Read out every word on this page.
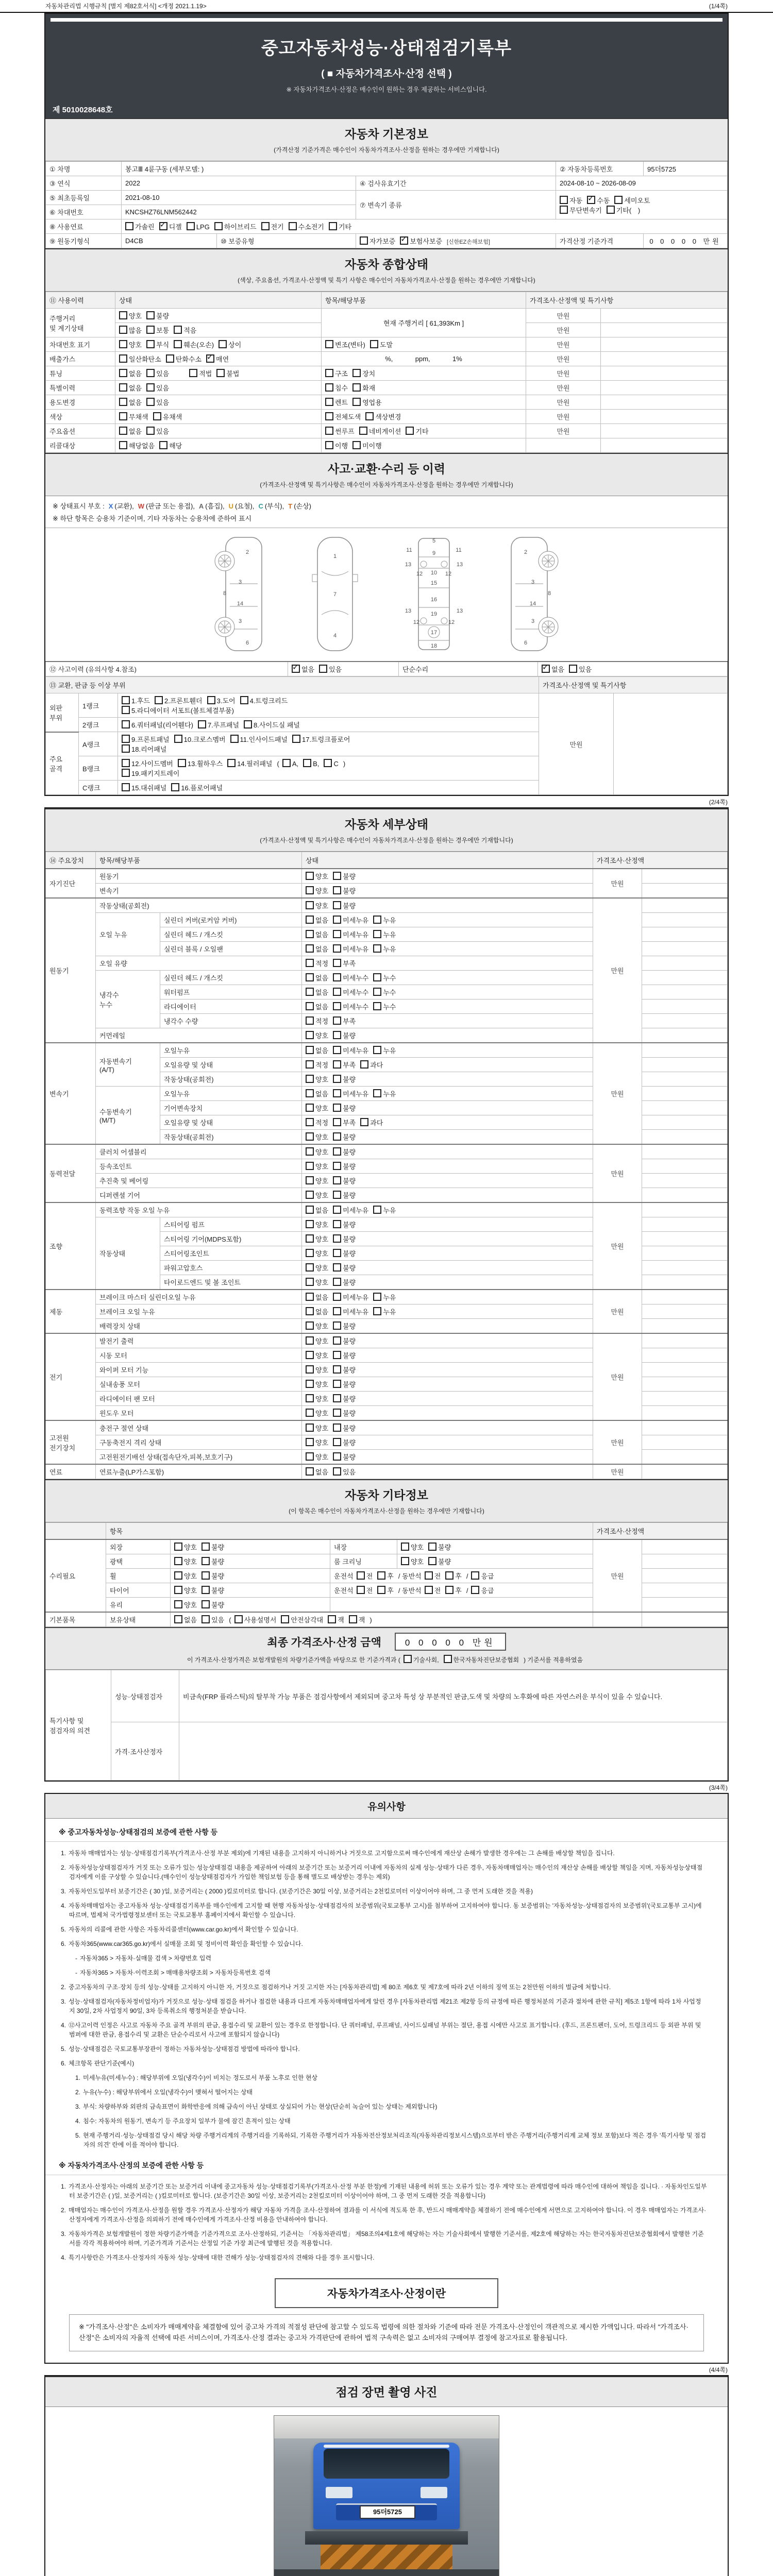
자동차관리법 시행규칙 [별지 제82호서식] <개정 2021.1.19>	(1/4쪽)
중고자동차성능·상태점검기록부
( ■ 자동차가격조사·산정 선택 )
※ 자동차가격조사·산정은 매수인이 원하는 경우 제공하는 서비스입니다.
제 5010028648호
자동차 기본정보

(가격산정 기준가격은 매수인이 자동차가격조사·산정을 원하는 경우에만 기재합니다)

① 차명	봉고Ⅲ 4륜구동 (세부모델: )			② 자동차등록번호	95더5725
③ 연식	2022		④ 검사유효기간	2024-08-10 ~ 2026-08-09	
⑤ 최초등록일	2021-08-10		⑦ 변속기 종류	자동 ✓ 수동 세미오토
무단변속기 기타( )
⑥ 차대번호	KNCSHZ76LNM562442				
⑧ 사용연료	가솔린 ✓ 디젤 LPG 하이브리드 전기 수소전기 기타
⑨ 원동기형식	D4CB	⑩ 보증유형	자가보증 ✓ 보험사보증 [신한EZ손해보험]	가격산정 기준가격	0 0 0 0 0 만원
자동차 종합상태

(색상, 주요옵션, 가격조사·산정액 및 특기 사항은 매수인이 자동차가격조사·산정을 원하는 경우에만 기재합니다)

⑪ 사용이력	상태	항목/해당부품	가격조사·산정액 및 특기사항	
주행거리
및 계기상태	양호 불량	현재 주행거리 [ 61,393Km ]	만원	
	많음 보통 적음		만원	
차대번호 표기	양호 부식 훼손(오손) 상이	변조(변타) 도말	만원	
배출가스	일산화탄소 탄화수소 ✓ 매연	%,            ppm,            1%	만원	
튜닝	없음 있음 적법 불법	구조 장치	만원	
특별이력	없음 있음	침수 화재	만원	
용도변경	없음 있음	렌트 영업용	만원	
색상	무채색 유채색	전체도색 색상변경	만원	
주요옵션	없음 있음	썬루프 네비게이션 기타	만원	
리콜대상	해당없음 해당	이행 미이행		
사고·교환·수리 등 이력

(가격조사·산정액 및 특기사항은 매수인이 자동차가격조사·산정을 원하는 경우에만 기재합니다)

※ 상태표시 부호 : X (교환), W (판금 또는 용접), A (흠집), U (요철), C (부식), T (손상)
※ 하단 항목은 승용차 기준이며, 기타 자동차는 승용차에 준하여 표시
2
8
3
14
3
6
1
7
4
5
11	11
13	13
12	12
9
10
15
16
19
13	13
12	12
17
18
2
8
3
14
3
6
⑫ 사고이력 (유의사항 4.참조)	✓없음 있음	단순수리	✓없음 있음
⑬ 교환, 판금 등 이상 부위			가격조사·산정액 및 특기사항	
외판
부위	1랭크	1.후드 2.프론트휀더 3.도어 4.트렁크리드
5.라디에이터 서포트(볼트체결부품)	만원	
	2랭크	6.쿼터패널(리어휀다) 7.루프패널 8.사이드실 패널		
주요
골격	A랭크	9.프론트패널 10.크로스멤버 11.인사이드패널 17.트렁크플로어
18.리어패널		
	B랭크	12.사이드멤버 13.휠하우스 14.필러패널 ( A, B, C )
19.패키지트레이		
	C랭크	15.대쉬패널 16.플로어패널		
(2/4쪽)
자동차 세부상태

(가격조사·산정액 및 특기사항은 매수인이 자동차가격조사·산정을 원하는 경우에만 기재합니다)

⑭ 주요장치	항목/해당부품		상태	가격조사·산정액	
자기진단	원동기		양호 불량	만원	
	변속기		양호 불량		
원동기	작동상태(공회전)		양호 불량	만원	
	오일 누유	실린더 커버(로커암 커버)	없음 미세누유 누유		
		실린더 헤드 / 개스킷	없음 미세누유 누유		
		실린더 블록 / 오일팬	없음 미세누유 누유		
	오일 유량		적정 부족		
	냉각수
누수	실린더 헤드 / 개스킷	없음 미세누수 누수		
		워터펌프	없음 미세누수 누수		
		라디에이터	없음 미세누수 누수		
		냉각수 수량	적정 부족		
	커먼레일		양호 불량		
변속기	자동변속기
(A/T)	오일누유	없음 미세누유 누유	만원	
		오일유량 및 상태	적정 부족 과다		
		작동상태(공회전)	양호 불량		
	수동변속기
(M/T)	오일누유	없음 미세누유 누유		
		기어변속장치	양호 불량		
		오일유량 및 상태	적정 부족 과다		
		작동상태(공회전)	양호 불량		
동력전달	클러치 어셈블리		양호 불량	만원	
	등속조인트		양호 불량		
	추진축 및 베어링		양호 불량		
	디퍼렌셜 기어		양호 불량		
조향	동력조향 작동 오일 누유		없음 미세누유 누유	만원	
	작동상태	스티어링 펌프	양호 불량		
		스티어링 기어(MDPS포함)	양호 불량		
		스티어링조인트	양호 불량		
		파워고압호스	양호 불량		
		타이로드엔드 및 볼 조인트	양호 불량		
제동	브레이크 마스터 실린더오일 누유		없음 미세누유 누유	만원	
	브레이크 오일 누유		없음 미세누유 누유		
	배력장치 상태		양호 불량		
전기	발전기 출력		양호 불량	만원	
	시동 모터		양호 불량		
	와이퍼 모터 기능		양호 불량		
	실내송풍 모터		양호 불량		
	라디에이터 팬 모터		양호 불량		
	윈도우 모터		양호 불량		
고전원
전기장치	충전구 절연 상태		양호 불량	만원	
	구동축전지 격리 상태		양호 불량		
	고전원전기배선 상태(접속단자,피복,보호기구)		양호 불량		
연료	연료누출(LP가스포함)		없음 있음	만원	
자동차 기타정보

(이 항목은 매수인이 자동차가격조사·산정을 원하는 경우에만 기재합니다)

	항목				가격조사·산정액	
수리필요	외장	양호 불량	내장	양호 불량	만원	
	광택	양호 불량	룸 크리닝	양호 불량		
	휠	양호 불량	운전석 전 후 / 동반석 전 후 / 응급			
	타이어	양호 불량	운전석 전 후 / 동반석 전 후 / 응급			
	유리	양호 불량				
기본품목	보유상태	없음 있음 ( 사용설명서 안전삼각대 잭 잭 )				
최종 가격조사·산정 금액	0 0 0 0 0 만원
이 가격조사·산정가격은 보험개발원의 차량기준가액을 바탕으로 한 기준가격과 ( 기술사회, 한국자동차진단보증협회 ) 기준서를 적용하였음
특기사항 및 점검자의 의견	성능·상태점검자	비금속(FRP 플라스틱)의 탈부착 가능 부품은 점검사항에서 제외되며 중고차 특성 상 부분적인 판금,도색 및 차량의 노후화에 따른 자연스러운 부식이 있을 수 있습니다.
	가격·조사산정자	
(3/4쪽)
유의사항
※ 중고자동차성능·상태점검의 보증에 관한 사항 등
1. 자동차 매매업자는 성능·상태점검기록부(가격조사·산정 부분 제외)에 기재된 내용을 고지하지 아니하거나 거짓으로 고지함으로써 매수인에게 재산상 손해가 발생한 경우에는 그 손해를 배상할 책임을 집니다.
2. 자동차성능상태점검자가 거짓 또는 오류가 있는 성능상태점검 내용을 제공하여 아래의 보증기간 또는 보증거리 이내에 자동차의 실제 성능·상태가 다른 경우, 자동차매매업자는 매수인의 재산상 손해를 배상할 책임을 지며, 자동차성능상태점검자에게 이를 구상할 수 있습니다.(매수인이 성능상태점검자가 가입한 책임보험 등을 통해 별도로 배상받는 경우는 제외)
3. 자동차인도일부터 보증기간은 ( 30 )일, 보증거리는 ( 2000 )킬로미터로 합니다. (보증기간은 30일 이상, 보증거리는 2천킬로미터 이상이어야 하며, 그 중 먼저 도래한 것을 적용)
4. 자동차매매업자는 중고자동차 성능·상태점검기록부를 매수인에게 고지할 때 현행 자동차성능·상태점검자의 보증범위(국토교통부 고시)를 첨부하여 고지하여야 합니다. 동 보증범위는 '자동차성능·상태점검자의 보증범위'(국토교통부 고시)에 따르며, 법제처 국가법령정보센터 또는 국토교통부 홈페이지에서 확인할 수 있습니다.
5. 자동차의 리콜에 관한 사항은 자동차리콜센터(www.car.go.kr)에서 확인할 수 있습니다.
6. 자동차365(www.car365.go.kr)에서 실매물 조회 및 정비이력 확인을 확인할 수 있습니다.
- 자동차365 > 자동차·실매물 검색 > 차량번호 입력
- 자동차365 > 자동차·이력조회 > 매매용차량조회 > 자동차등록번호 검색
2. 중고자동차의 구조·장치 등의 성능·상태를 고지하지 아니한 자, 거짓으로 점검하거나 거짓 고지한 자는 [자동차관리법] 제 80조 제6호 및 제7호에 따라 2년 이하의 징역 또는 2천만원 이하의 벌금에 처합니다.
3. 성능·상태점검자(자동차정비업자)가 거짓으로 성능·상태 점검을 하거나 점검한 내용과 다르게 자동차매매업자에게 알린 경우 [자동차관리법 제21조 제2항 등의 규정에 따른 행정처분의 기준과 절차에 관한 규칙] 제5조 1항에 따라 1차 사업정지 30일, 2차 사업정지 90일, 3차 등록취소의 행정처분을 받습니다.
4. ⑫사고이력 인정은 사고로 자동차 주요 골격 부위의 판금, 용접수리 및 교환이 있는 경우로 한정합니다. 단 쿼터패널, 루프패널, 사이드실패널 부위는 절단, 용접 시에만 사고로 표기합니다. (후드, 프론트펜더, 도어, 트렁크리드 등 외판 부위 및 범퍼에 대한 판금, 용접수리 및 교환은 단순수리로서 사고에 포함되지 않습니다)
5. 성능·상태점검은 국토교통부장관이 정하는 자동차성능·상태점검 방법에 따라야 합니다.
6. 체크항목 판단기준(예시)
1. 미세누유(미세누수) : 해당부위에 오일(냉각수)이 비치는 정도로서 부품 노후로 인한 현상
2. 누유(누수) : 해당부위에서 오일(냉각수)이 맺혀서 떨어지는 상태
3. 부식: 차량하부와 외판의 금속표면이 화학반응에 의해 금속이 아닌 상태로 상실되어 가는 현상(단순히 녹슬어 있는 상태는 제외합니다)
4. 침수: 자동차의 원동기, 변속기 등 주요장치 일부가 물에 잠긴 흔적이 있는 상태
5. 현재 주행거리·성능·상태점검 당시 해당 차량 주행거리계의 주행거리를 기록하되, 기록한 주행거리가 자동차전산정보처리조직(자동차관리정보시스템)으로부터 받은 주행거리(주행거리계 교체 정보 포함)보다 적은 경우 '특기사항 및 점검자의 의견' 란에 이를 적어야 합니다.
※ 자동차가격조사·산정의 보증에 관한 사항 등
1. 가격조사·산정자는 아래의 보증기간 또는 보증거리 이내에 중고자동차 성능·상태점검기록부(가격조사·산정 부분 한정)에 기재된 내용에 허위 또는 오류가 있는 경우 계약 또는 관계법령에 따라 매수인에 대하여 책임을 집니다. · 자동차인도일부터 보증기간은 ( )일, 보증거리는 ( )킬로미터로 합니다. (보증기간은 30일 이상, 보증거리는 2천킬로미터 이상이어야 하며, 그 중 먼저 도래한 것을 적용합니다)
2. 매매업자는 매수인이 가격조사·산정을 원할 경우 가격조사·산정자가 해당 자동차 가격을 조사·산정하여 결과를 이 서식에 적도록 한 후, 반드시 매매계약을 체결하기 전에 매수인에게 서면으로 고지하여야 합니다. 이 경우 매매업자는 가격조사·산정자에게 가격조사·산정을 의뢰하기 전에 매수인에게 가격조사·산정 비용을 안내하여야 합니다.
3. 자동차가격은 보험개발원이 정한 차량기준가액을 기준가격으로 조사·산정하되, 기준서는 「자동차관리법」 제58조의4제1호에 해당하는 자는 기술사회에서 발행한 기준서를, 제2호에 해당하는 자는 한국자동차진단보증협회에서 발행한 기준서를 각각 적용하여야 하며, 기준가격과 기준서는 산정일 기준 가장 최근에 발행된 것을 적용합니다.
4. 특기사항란은 가격조사·산정자의 자동차 성능·상태에 대한 견해가 성능·상태점검자의 견해와 다를 경우 표시합니다.
자동차가격조사·산정이란
※ "가격조사·산정"은 소비자가 매매계약을 체결함에 있어 중고차 가격의 적절성 판단에 참고할 수 있도록 법령에 의한 절차와 기준에 따라 전문 가격조사·산정인이 객관적으로 제시한 가액입니다. 따라서 "가격조사·산정"은 소비자의 자율적 선택에 따른 서비스이며, 가격조사·산정 결과는 중고차 가격판단에 관하여 법적 구속력은 없고 소비자의 구매여부 결정에 참고자료로 활용됩니다.
(4/4쪽)
점검 장면 촬영 사진
95더5725
